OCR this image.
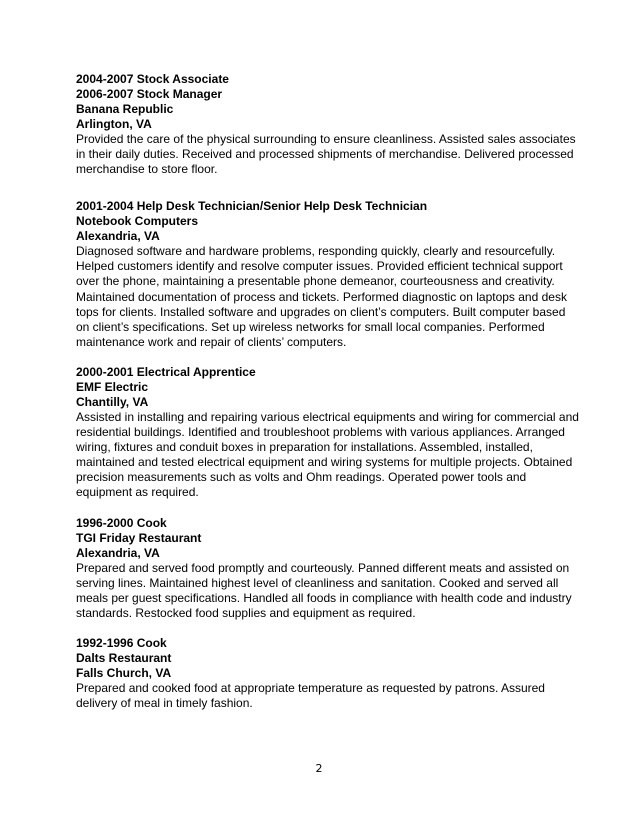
2004-2007 Stock Associate
2006-2007 Stock Manager
Banana Republic
Arlington, VA

Provided the care of the physical surrounding to ensure cleanliness. Assisted sales associates
in their daily duties. Received and processed shipments of merchandise. Delivered processed
merchandise to store floor.

2001-2004 Help Desk Technician/Senior Help Desk Technician
Notebook Computers
Alexandria, VA

Diagnosed software and hardware problems, responding quickly, clearly and resourcefully.
Helped customers identify and resolve computer issues. Provided efficient technical support
over the phone, maintaining a presentable phone demeanor, courteousness and creativity.
Maintained documentation of process and tickets. Performed diagnostic on laptops and desk
tops for clients. Installed software and upgrades on client’s computers. Built computer based
on client’s specifications. Set up wireless networks for small local companies. Performed
maintenance work and repair of clients’ computers.

2000-2001 Electrical Apprentice
EMF Electric
Chantilly, VA

Assisted in installing and repairing various electrical equipments and wiring for commercial and
residential buildings. Identified and troubleshoot problems with various appliances. Arranged
wiring, fixtures and conduit boxes in preparation for installations. Assembled, installed,
maintained and tested electrical equipment and wiring systems for multiple projects. Obtained
precision measurements such as volts and Ohm readings. Operated power tools and
equipment as required.

1996-2000 Cook
TGI Friday Restaurant
Alexandria, VA

Prepared and served food promptly and courteously. Panned different meats and assisted on
serving lines. Maintained highest level of cleanliness and sanitation. Cooked and served all
meals per guest specifications. Handled all foods in compliance with health code and industry
standards. Restocked food supplies and equipment as required.

1992-1996 Cook
Dalts Restaurant
Falls Church, VA

Prepared and cooked food at appropriate temperature as requested by patrons. Assured
delivery of meal in timely fashion.

2
